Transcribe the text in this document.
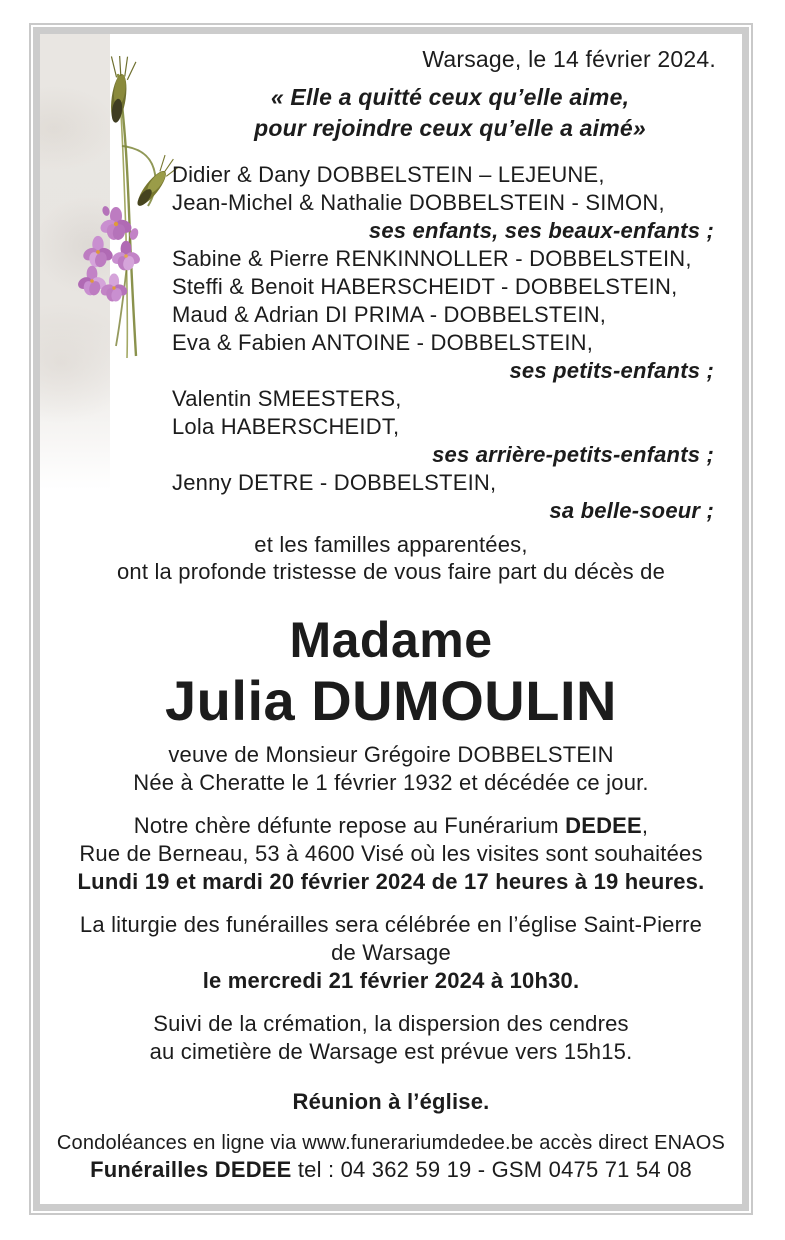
Warsage, le 14 février 2024.
« Elle a quitté ceux qu’elle aime,
pour rejoindre ceux qu’elle a aimé»
Didier & Dany DOBBELSTEIN – LEJEUNE,
Jean-Michel & Nathalie DOBBELSTEIN - SIMON,
ses enfants, ses beaux-enfants ;
Sabine & Pierre RENKINNOLLER - DOBBELSTEIN,
Steffi & Benoit HABERSCHEIDT - DOBBELSTEIN,
Maud & Adrian DI PRIMA - DOBBELSTEIN,
Eva & Fabien ANTOINE - DOBBELSTEIN,
ses petits-enfants ;
Valentin SMEESTERS,
Lola HABERSCHEIDT,
ses arrière-petits-enfants ;
Jenny DETRE - DOBBELSTEIN,
sa belle-soeur ;
et les familles apparentées,
ont la profonde tristesse de vous faire part du décès de
Madame
Julia DUMOULIN
veuve de Monsieur Grégoire DOBBELSTEIN
Née à Cheratte le 1 février 1932 et décédée ce jour.
Notre chère défunte repose au Funérarium DEDEE,
Rue de Berneau, 53 à 4600 Visé où les visites sont souhaitées
Lundi 19 et mardi 20 février 2024 de 17 heures à 19 heures.
La liturgie des funérailles sera célébrée en l’église Saint-Pierre
de Warsage
le mercredi 21 février 2024 à 10h30.
Suivi de la crémation, la dispersion des cendres
au cimetière de Warsage est prévue vers 15h15.
Réunion à l’église.
Condoléances en ligne via www.funerariumdedee.be accès direct ENAOS
Funérailles DEDEE tel : 04 362 59 19 - GSM 0475 71 54 08
